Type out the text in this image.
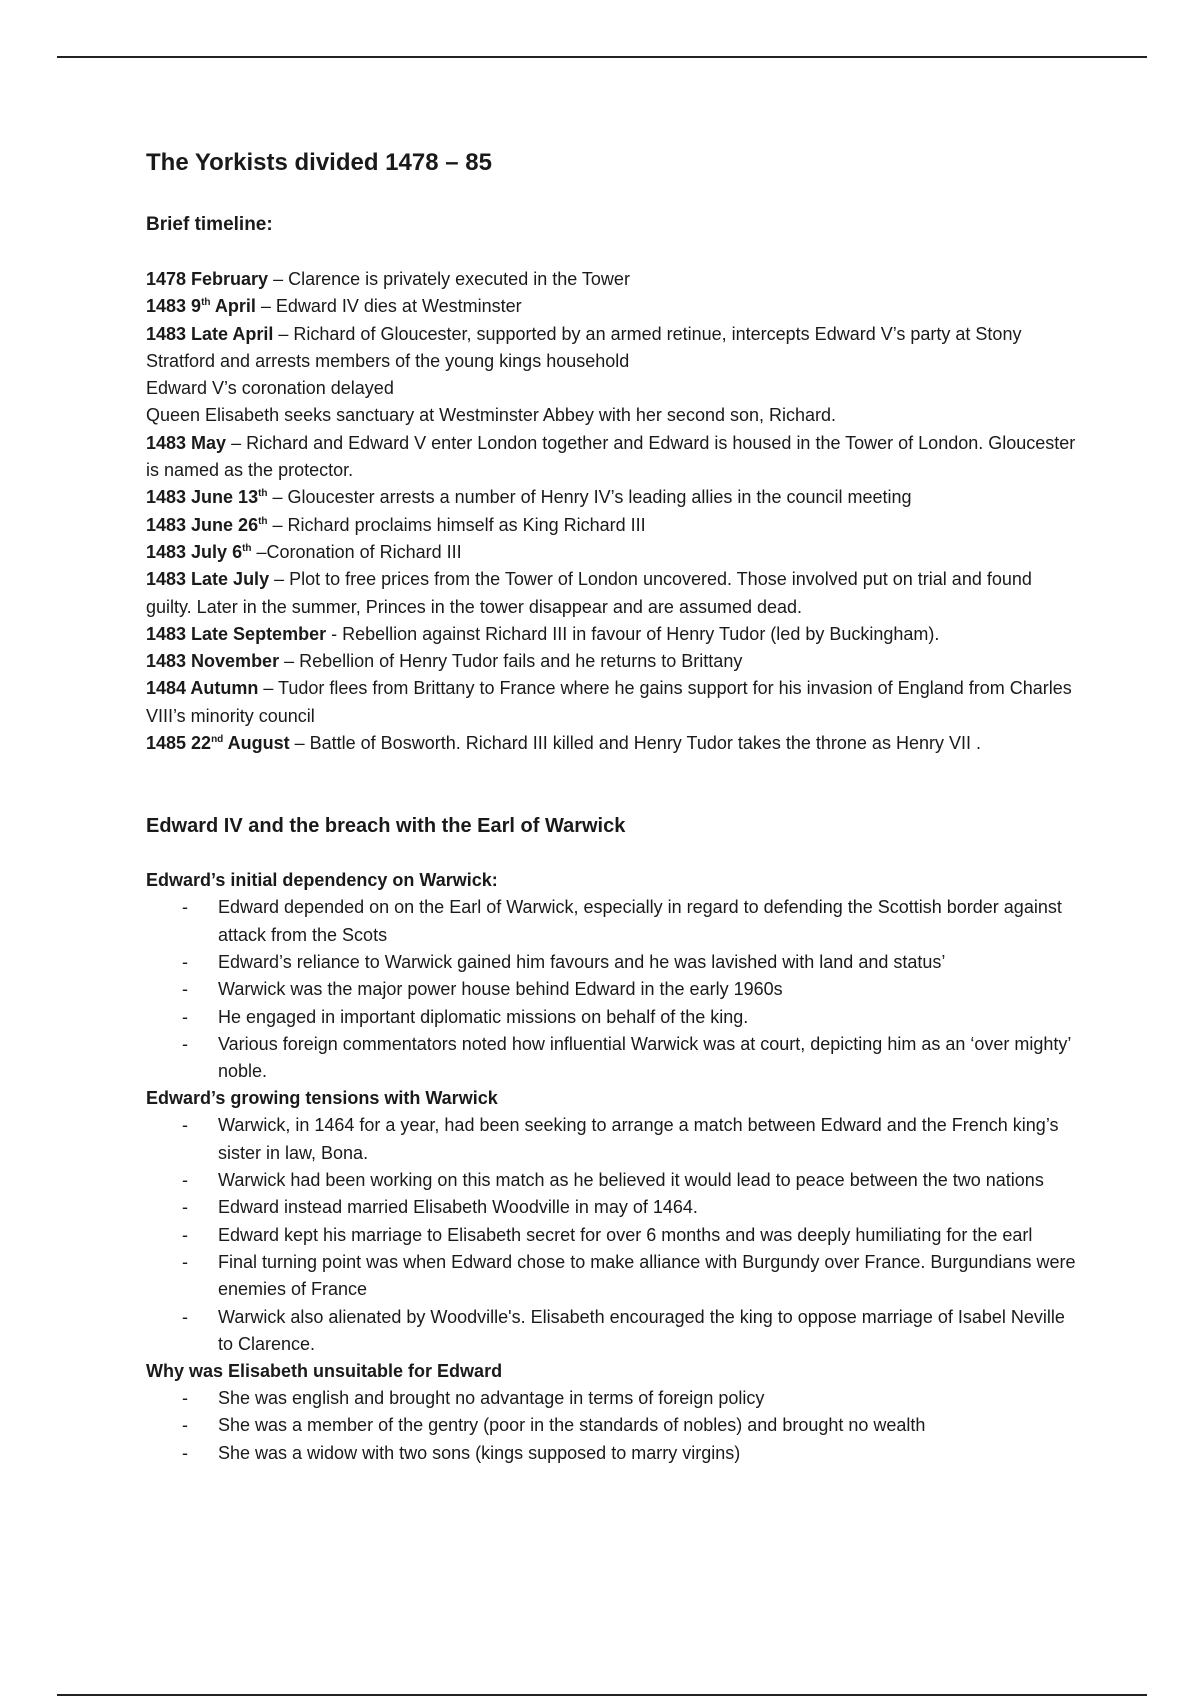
The Yorkists divided 1478 – 85
Brief timeline:

1478 February – Clarence is privately executed in the Tower

1483 9th April – Edward IV dies at Westminster

1483 Late April – Richard of Gloucester, supported by an armed retinue, intercepts Edward V’s party at Stony Stratford and arrests members of the young kings household

Edward V’s coronation delayed

Queen Elisabeth seeks sanctuary at Westminster Abbey with her second son, Richard.

1483 May – Richard and Edward V enter London together and Edward is housed in the Tower of London. Gloucester is named as the protector.

1483 June 13th – Gloucester arrests a number of Henry IV’s leading allies in the council meeting

1483 June 26th – Richard proclaims himself as King Richard III

1483 July 6th –Coronation of Richard III

1483 Late July – Plot to free prices from the Tower of London uncovered. Those involved put on trial and found guilty. Later in the summer, Princes in the tower disappear and are assumed dead.

1483 Late September - Rebellion against Richard III in favour of Henry Tudor (led by Buckingham).

1483 November – Rebellion of Henry Tudor fails and he returns to Brittany

1484 Autumn – Tudor flees from Brittany to France where he gains support for his invasion of England from Charles VIII’s minority council

1485 22nd August – Battle of Bosworth. Richard III killed and Henry Tudor takes the throne as Henry VII .

Edward IV and the breach with the Earl of Warwick

Edward’s initial dependency on Warwick:

- Edward depended on on the Earl of Warwick, especially in regard to defending the Scottish border against attack from the Scots
- Edward’s reliance to Warwick gained him favours and he was lavished with land and status’
- Warwick was the major power house behind Edward in the early 1960s
- He engaged in important diplomatic missions on behalf of the king.
- Various foreign commentators noted how influential Warwick was at court, depicting him as an ‘over mighty’ noble.

Edward’s growing tensions with Warwick

- Warwick, in 1464 for a year, had been seeking to arrange a match between Edward and the French king’s sister in law, Bona.
- Warwick had been working on this match as he believed it would lead to peace between the two nations
- Edward instead married Elisabeth Woodville in may of 1464.
- Edward kept his marriage to Elisabeth secret for over 6 months and was deeply humiliating for the earl
- Final turning point was when Edward chose to make alliance with Burgundy over France. Burgundians were enemies of France
- Warwick also alienated by Woodville's. Elisabeth encouraged the king to oppose marriage of Isabel Neville to Clarence.

Why was Elisabeth unsuitable for Edward

- She was english and brought no advantage in terms of foreign policy
- She was a member of the gentry (poor in the standards of nobles) and brought no wealth
- She was a widow with two sons (kings supposed to marry virgins)
